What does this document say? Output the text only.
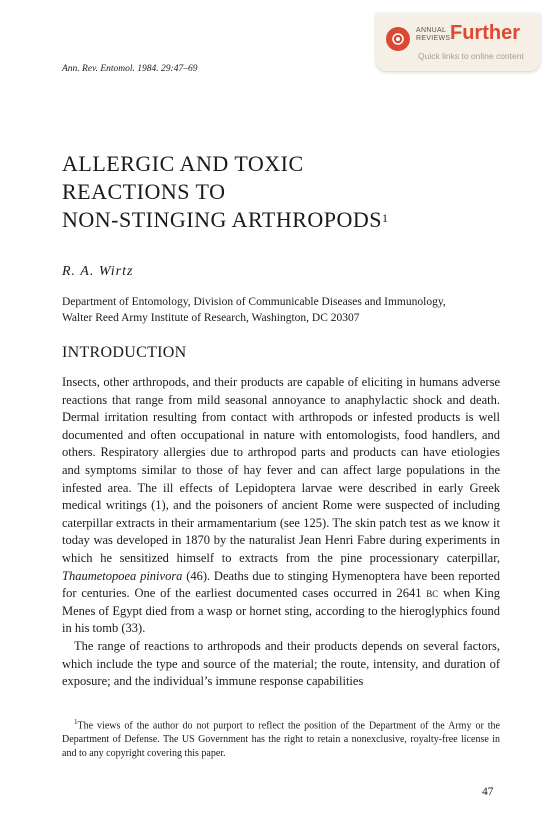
ANNUAL
REVIEWS Further
Quick links to online content
Ann. Rev. Entomol. 1984. 29:47–69
ALLERGIC AND TOXIC
REACTIONS TO
NON-STINGING ARTHROPODS$^1$
R. A. Wirtz
Department of Entomology, Division of Communicable Diseases and Immunology,
Walter Reed Army Institute of Research, Washington, DC 20307
INTRODUCTION

Insects, other arthropods, and their products are capable of eliciting in humans adverse reactions that range from mild seasonal annoyance to anaphylactic shock and death. Dermal irritation resulting from contact with arthropods or infested products is well documented and often occupational in nature with entomologists, food handlers, and others. Respiratory allergies due to arthropod parts and products can have etiologies and symptoms similar to those of hay fever and can affect large populations in the infested area. The ill effects of Lepidoptera larvae were described in early Greek medical writings (1), and the poisoners of ancient Rome were suspected of including caterpillar extracts in their armamentarium (see 125). The skin patch test as we know it today was developed in 1870 by the naturalist Jean Henri Fabre during experiments in which he sensitized himself to extracts from the pine processionary caterpillar, Thaumetopoea pinivora (46). Deaths due to stinging Hymenoptera have been reported for centuries. One of the earliest documented cases occurred in 2641 bc when King Menes of Egypt died from a wasp or hornet sting, according to the hieroglyphics found in his tomb (33).

The range of reactions to arthropods and their products depends on several factors, which include the type and source of the material; the route, intensity, and duration of exposure; and the individual’s immune response capabilities

$^1$The views of the author do not purport to reflect the position of the Department of the Army or the Department of Defense. The US Government has the right to retain a nonexclusive, royalty-free license in and to any copyright covering this paper.
47
